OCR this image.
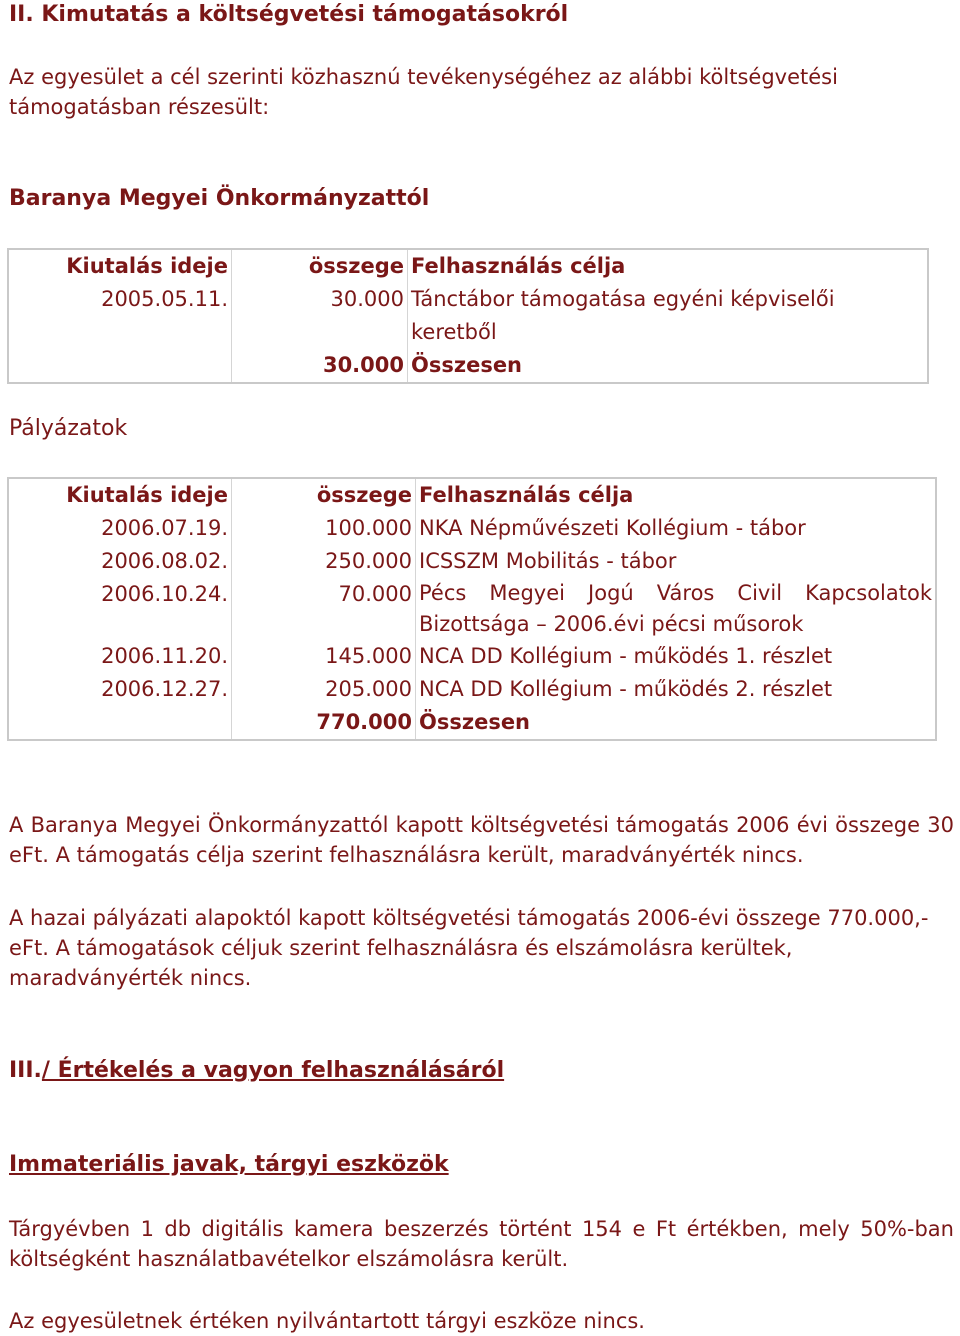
II. Kimutatás a költségvetési támogatásokról

Az egyesület a cél szerinti közhasznú tevékenységéhez az alábbi költségvetési támogatásban részesült:

Baranya Megyei Önkormányzattól
Kiutalás ideje	összege	Felhasználás célja
2005.05.11.	30.000	Tánctábor támogatása egyéni képviselői keretből
	30.000	Összesen
Pályázatok
Kiutalás ideje	összege	Felhasználás célja
2006.07.19.	100.000	NKA Népművészeti Kollégium - tábor
2006.08.02.	250.000	ICSSZM Mobilitás - tábor
2006.10.24.	70.000	Pécs Megyei Jogú Város Civil Kapcsolatok Bizottsága – 2006.évi pécsi műsorok
2006.11.20.	145.000	NCA DD Kollégium - működés 1. részlet
2006.12.27.	205.000	NCA DD Kollégium - működés 2. részlet
	770.000	Összesen

A Baranya Megyei Önkormányzattól kapott költségvetési támogatás 2006 évi összege 30 eFt. A támogatás célja szerint felhasználásra került, maradványérték nincs.

A hazai pályázati alapoktól kapott költségvetési támogatás 2006-évi összege 770.000,- eFt. A támogatások céljuk szerint felhasználásra és elszámolásra kerültek, maradványérték nincs.

III./ Értékelés a vagyon felhasználásáról
Immateriális javak, tárgyi eszközök

Tárgyévben 1 db digitális kamera beszerzés történt 154 e Ft értékben, mely 50%-ban költségként használatbavételkor elszámolásra került.

Az egyesületnek értéken nyilvántartott tárgyi eszköze nincs.
